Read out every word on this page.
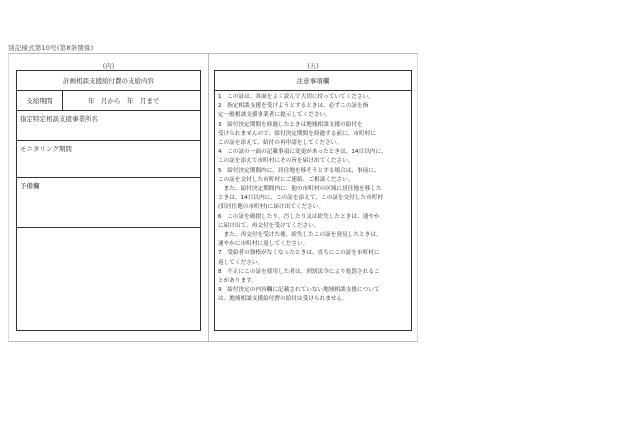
別記様式第10号(第8条関係)
(内)	(五)
計画相談支援給付費の支給内容
支給期間	年　月から　年　月まで
指定特定相談支援事業所名
モニタリング期間
予備欄
注意事項欄
1　この証は、各面をよく読んで大切に持っていてください。
2　指定相談支援を受けようとするときは、必ずこの証を指
定一般相談支援事業者に提示してください。
3　給付決定期間を経過したときは地域相談支援の給付を
受けられませんので、給付決定期間を経過する前に、市町村に
この証を添えて、給付の再申請をしてください。
4　この証の一面の記載事項に変更があったときは、14日以内に、
この証を添えて市町村にその旨を届け出てください。
5　給付決定期間内に、居住地を移そうとする場合は、事前に、
この証を交付した市町村にご連絡、ご相談ください。
　また、給付決定期間内に、他の市町村の区域に居住地を移した
ときは、14日以内に、この証を添えて、この証を交付した市町村
(旧居住地の市町村)に届け出てください。
6　この証を破損したり、汚したり又は紛失したときは、速やか
に届け出て、再交付を受けてください。
　また、再交付を受けた後、紛失したこの証を発見したときは、
速やかに市町村に返してください。
7　受給者の資格がなくなったときは、直ちにこの証を市町村に
返してください。
8　不正にこの証を使用した者は、刑罰法令により処罰されるこ
とがあります。
9　給付決定の内容欄に記載されていない地域相談支援について
は、地域相談支援給付費の給付は受けられません。
